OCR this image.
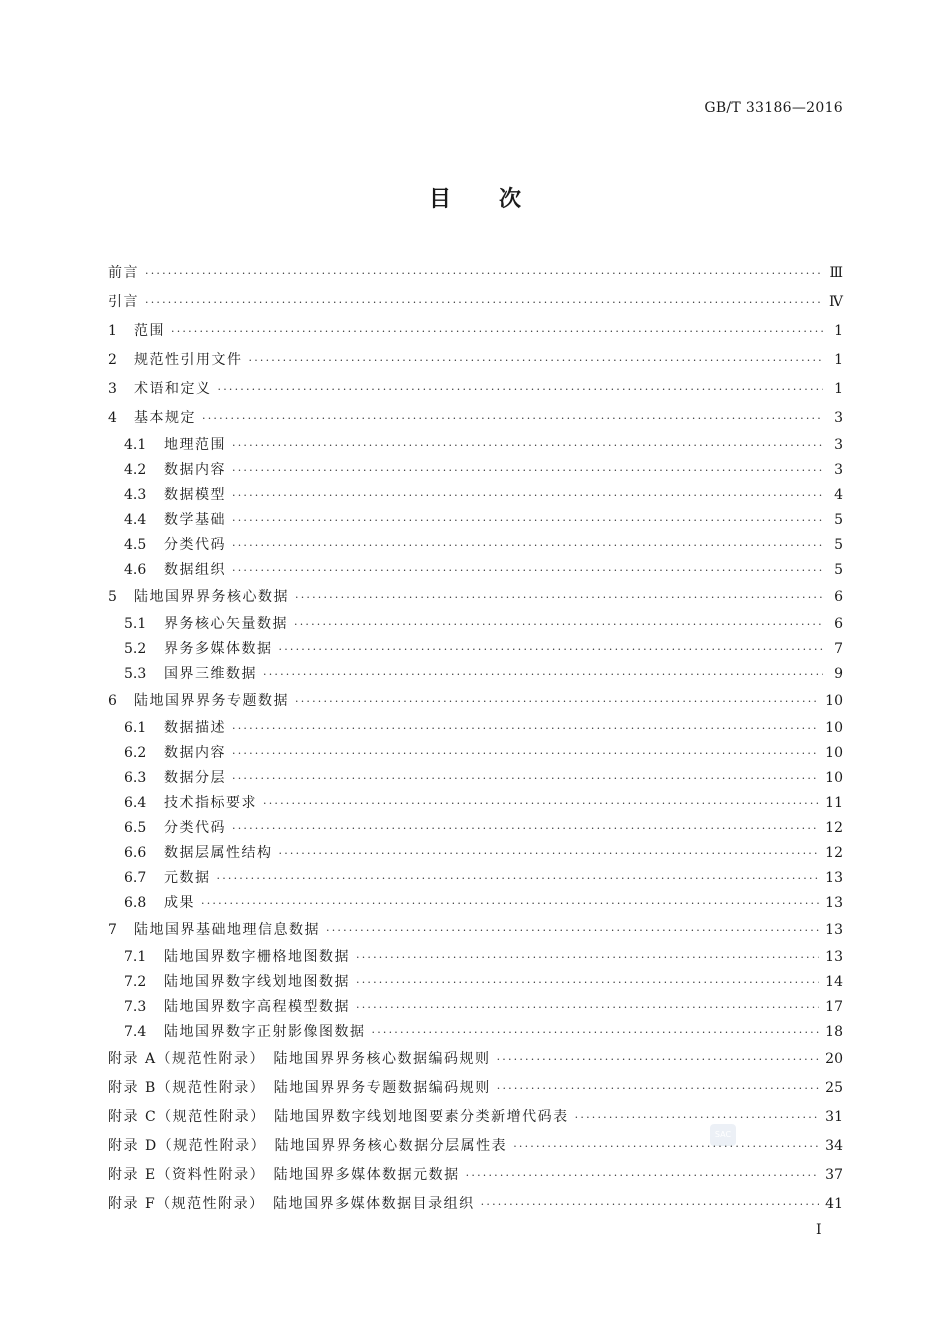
GB/T 33186—2016
目 次
SAC
前言 ·····	Ⅲ
引言 ·····	Ⅳ
1	范围 ·····	1
2	规范性引用文件 ·····	1
3	术语和定义 ·····	1
4	基本规定 ·····	3
4.1	地理范围 ·····	3
4.2	数据内容 ·····	3
4.3	数据模型 ·····	4
4.4	数学基础 ·····	5
4.5	分类代码 ·····	5
4.6	数据组织 ·····	5
5	陆地国界界务核心数据 ·····	6
5.1	界务核心矢量数据 ·····	6
5.2	界务多媒体数据 ·····	7
5.3	国界三维数据 ·····	9
6	陆地国界界务专题数据 ·····	10
6.1	数据描述 ·····	10
6.2	数据内容 ·····	10
6.3	数据分层 ·····	10
6.4	技术指标要求 ·····	11
6.5	分类代码 ·····	12
6.6	数据层属性结构 ·····	12
6.7	元数据 ·····	13
6.8	成果 ·····	13
7	陆地国界基础地理信息数据 ·····	13
7.1	陆地国界数字栅格地图数据 ·····	13
7.2	陆地国界数字线划地图数据 ·····	14
7.3	陆地国界数字高程模型数据 ·····	17
7.4	陆地国界数字正射影像图数据 ·····	18
附录 A（规范性附录）　陆地国界界务核心数据编码规则 ·····	20
附录 B（规范性附录）　陆地国界界务专题数据编码规则 ·····	25
附录 C（规范性附录）　陆地国界数字线划地图要素分类新增代码表 ·····	31
附录 D（规范性附录）　陆地国界界务核心数据分层属性表 ·····	34
附录 E（资料性附录）　陆地国界多媒体数据元数据 ·····	37
附录 F（规范性附录）　陆地国界多媒体数据目录组织 ·····	41
I
